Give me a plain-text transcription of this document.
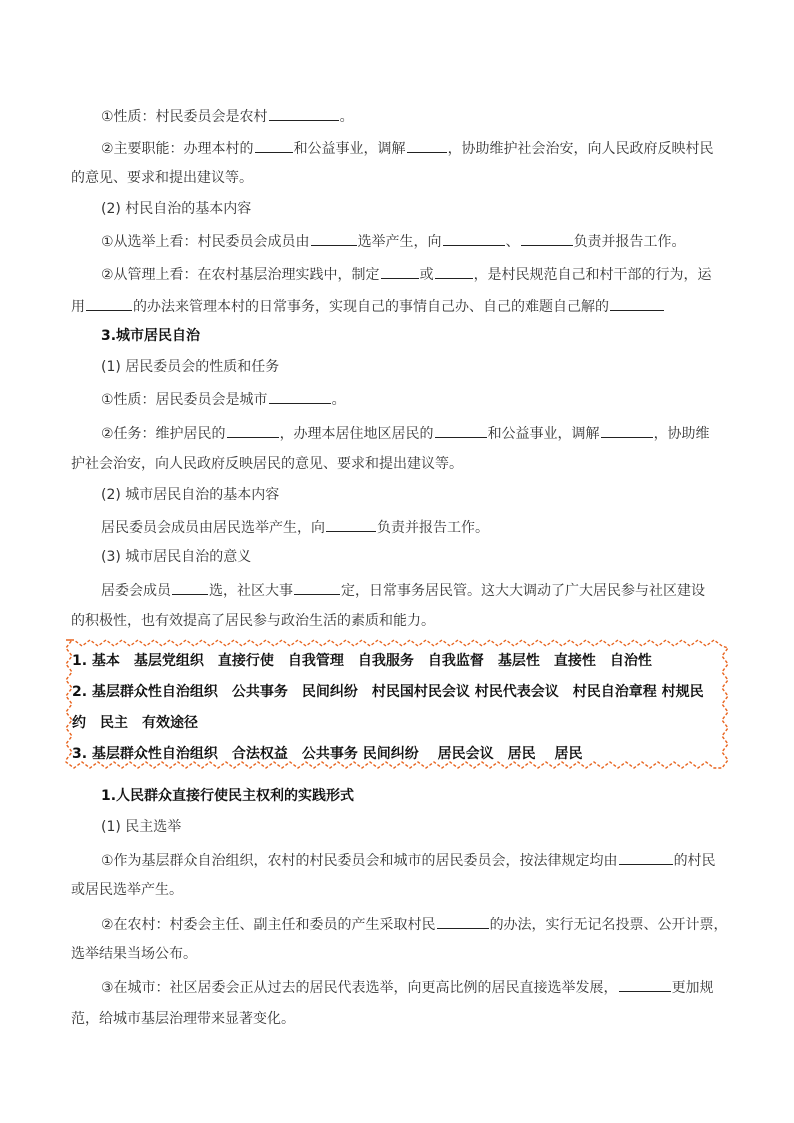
①性质：村民委员会是农村	。
②主要职能：办理本村的	和公益事业，调解	，协助维护社会治安，向人民政府反映村民
的意见、要求和提出建议等。
(2) 村民自治的基本内容
①从选举上看：村民委员会成员由	选举产生，向	、	负责并报告工作。
②从管理上看：在农村基层治理实践中，制定	或	，是村民规范自己和村干部的行为，运
用	的办法来管理本村的日常事务，实现自己的事情自己办、自己的难题自己解的
3.城市居民自治
(1) 居民委员会的性质和任务
①性质：居民委员会是城市	。
②任务：维护居民的	，办理本居住地区居民的	和公益事业，调解	，协助维
护社会治安，向人民政府反映居民的意见、要求和提出建议等。
(2) 城市居民自治的基本内容
居民委员会成员由居民选举产生，向	负责并报告工作。
(3) 城市居民自治的意义
居委会成员	选，社区大事	定，日常事务居民管。这大大调动了广大居民参与社区建设
的积极性，也有效提高了居民参与政治生活的素质和能力。
1. 基本　基层党组织　直接行使　自我管理　自我服务　自我监督　基层性　直接性　自治性
2. 基层群众性自治组织　公共事务　民间纠纷　村民国村民会议 村民代表会议　村民自治章程 村规民
约　民主　有效途径
3. 基层群众性自治组织　合法权益　公共事务 民间纠纷　 居民会议　居民　 居民
1.人民群众直接行使民主权利的实践形式
(1) 民主选举
①作为基层群众自治组织，农村的村民委员会和城市的居民委员会，按法律规定均由	的村民
或居民选举产生。
②在农村：村委会主任、副主任和委员的产生采取村民	的办法，实行无记名投票、公开计票，
选举结果当场公布。
③在城市：社区居委会正从过去的居民代表选举，向更高比例的居民直接选举发展，	更加规
范，给城市基层治理带来显著变化。
